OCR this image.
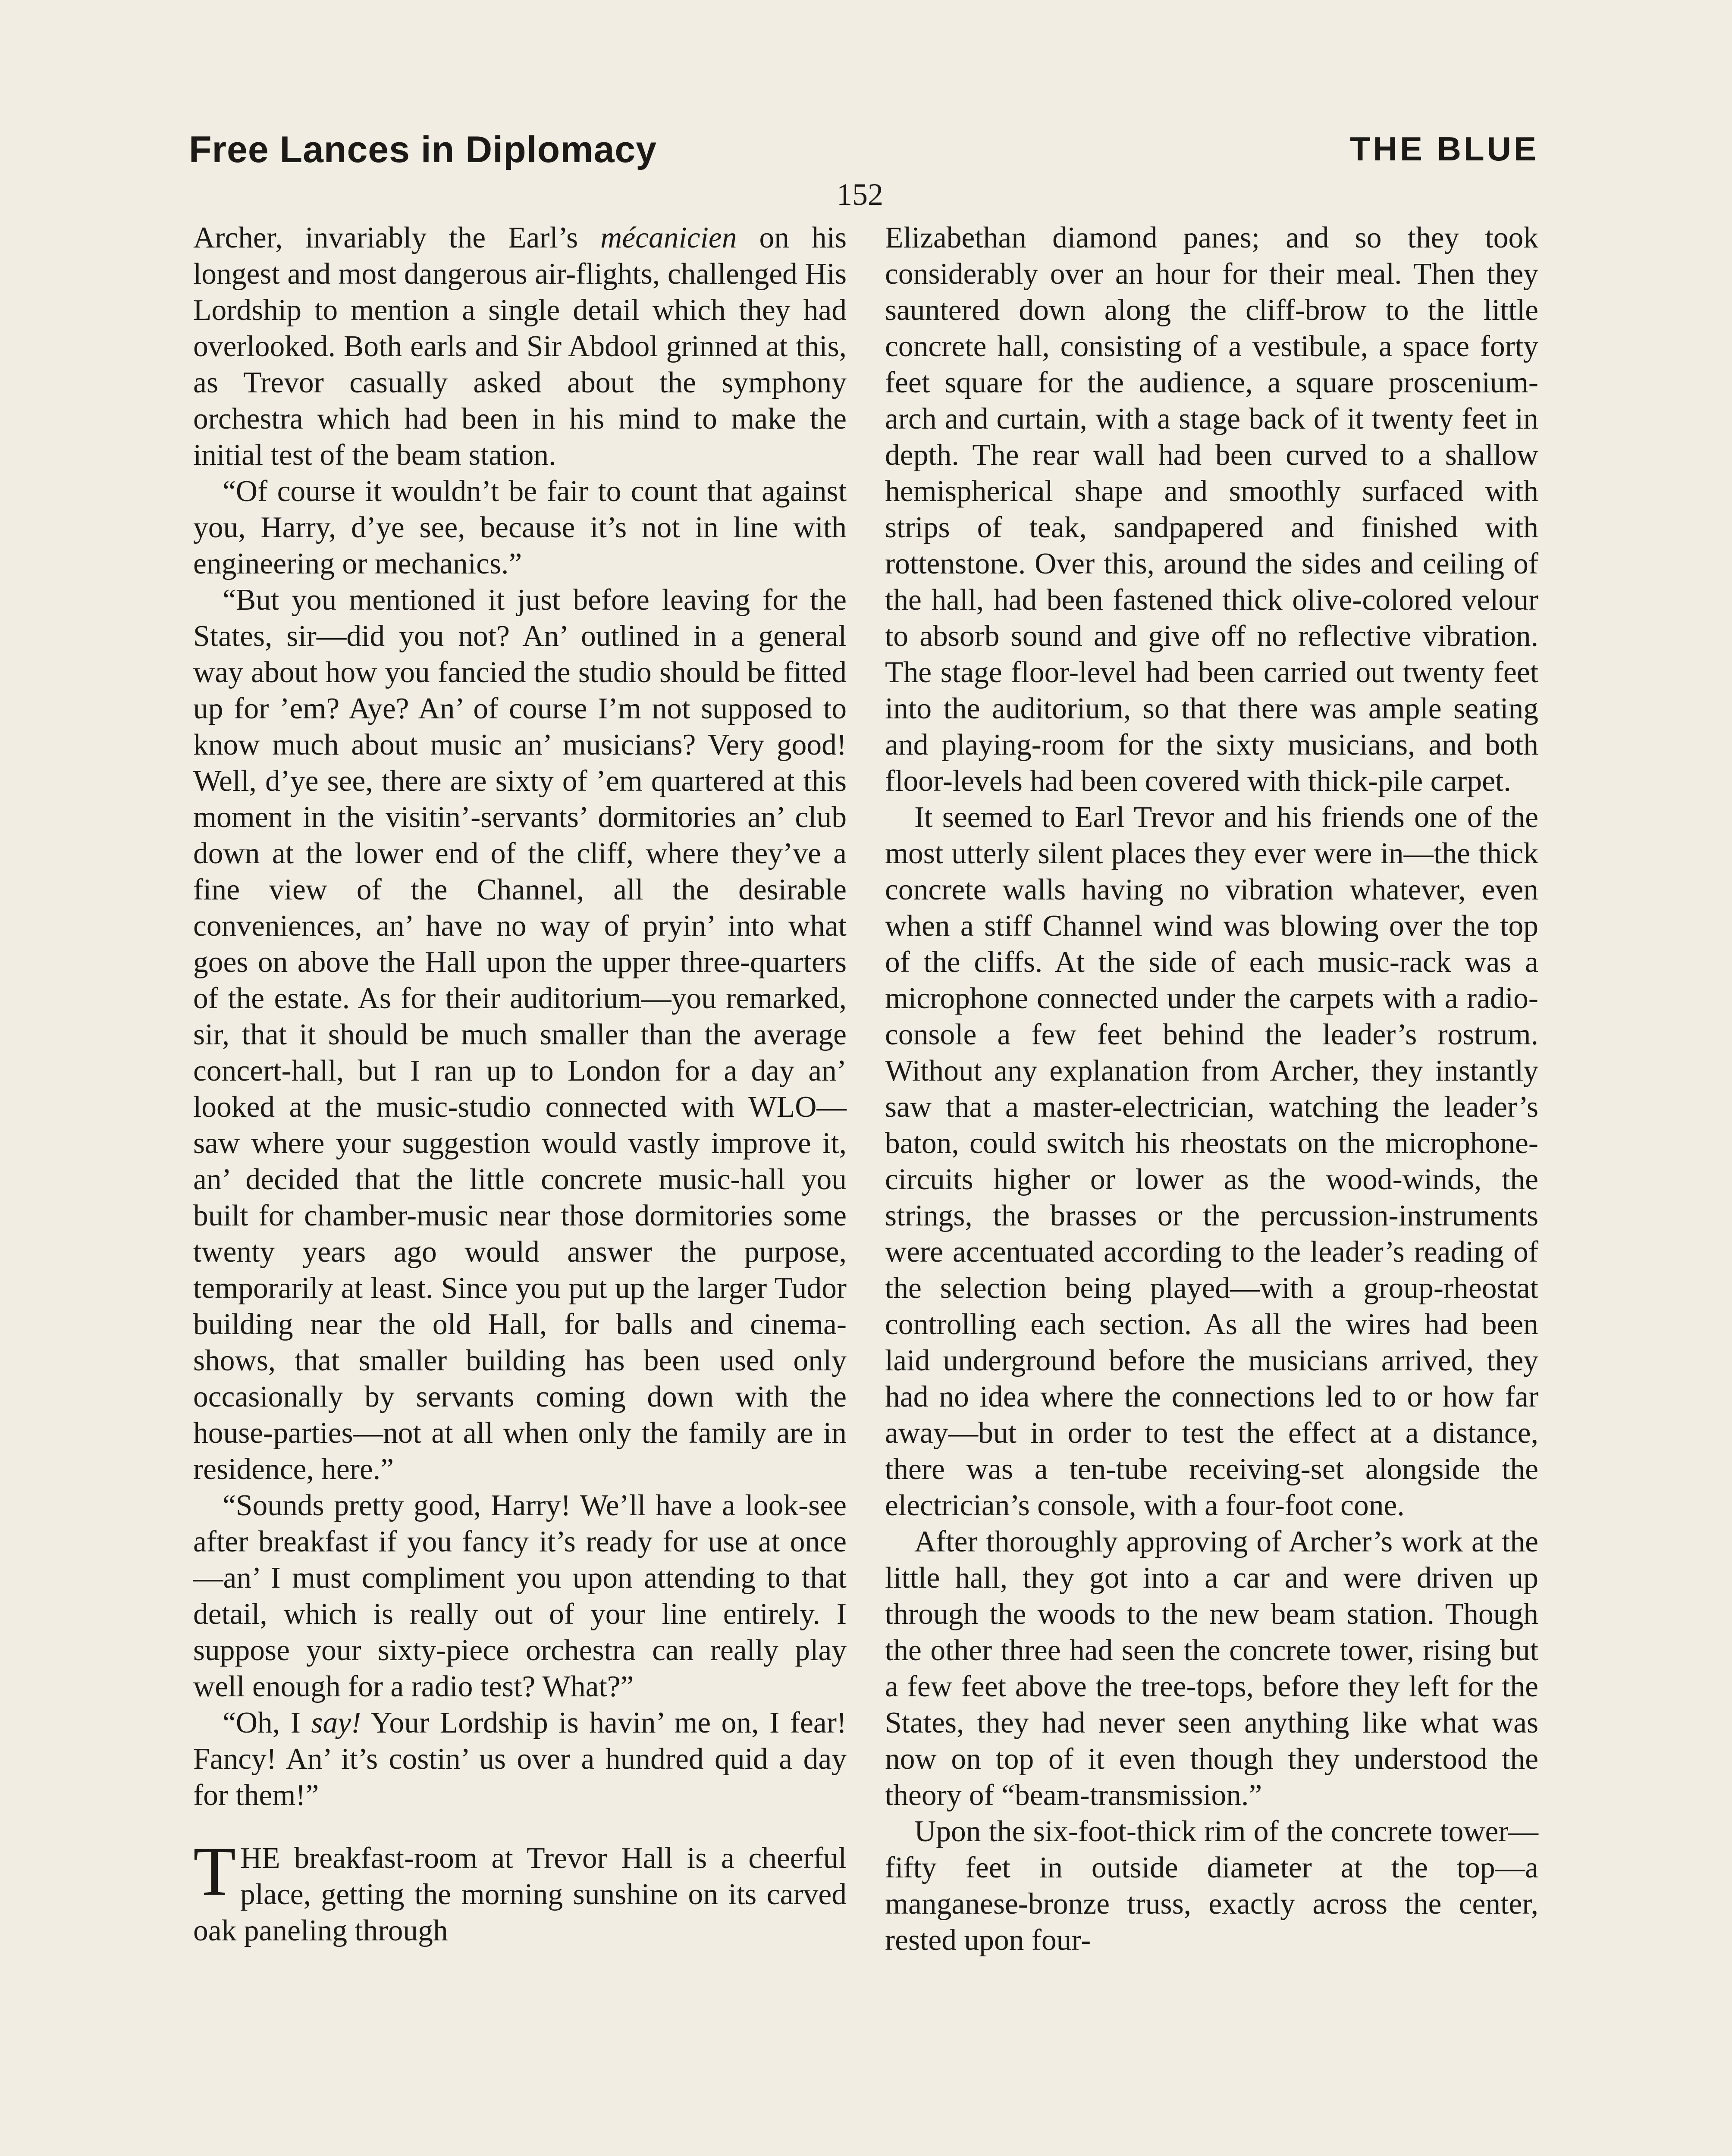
Free Lances in Diplomacy	THE BLUE
152

Archer, invariably the Earl’s mécanicien on his longest and most dangerous air-flights, challenged His Lordship to mention a single detail which they had overlooked. Both earls and Sir Abdool grinned at this, as Trevor casually asked about the symphony orchestra which had been in his mind to make the initial test of the beam station.

“Of course it wouldn’t be fair to count that against you, Harry, d’ye see, because it’s not in line with engineering or mechanics.”

“But you mentioned it just before leaving for the States, sir—did you not? An’ outlined in a general way about how you fancied the studio should be fitted up for ’em? Aye? An’ of course I’m not supposed to know much about music an’ musicians? Very good! Well, d’ye see, there are sixty of ’em quartered at this moment in the visitin’-servants’ dormitories an’ club down at the lower end of the cliff, where they’ve a fine view of the Channel, all the desirable conveniences, an’ have no way of pryin’ into what goes on above the Hall upon the upper three-quarters of the estate. As for their auditorium—you remarked, sir, that it should be much smaller than the average concert-hall, but I ran up to London for a day an’ looked at the music-studio connected with WLO—saw where your suggestion would vastly improve it, an’ decided that the little concrete music-hall you built for chamber-music near those dormitories some twenty years ago would answer the purpose, temporarily at least. Since you put up the larger Tudor building near the old Hall, for balls and cinema-shows, that smaller building has been used only occasionally by servants coming down with the house-parties—not at all when only the family are in residence, here.”

“Sounds pretty good, Harry! We’ll have a look-see after breakfast if you fancy it’s ready for use at once—an’ I must compliment you upon attending to that detail, which is really out of your line entirely. I suppose your sixty-piece orchestra can really play well enough for a radio test? What?”

“Oh, I say! Your Lordship is havin’ me on, I fear! Fancy! An’ it’s costin’ us over a hundred quid a day for them!”

THE breakfast-room at Trevor Hall is a cheerful place, getting the morning sunshine on its carved oak paneling through

Elizabethan diamond panes; and so they took considerably over an hour for their meal. Then they sauntered down along the cliff-brow to the little concrete hall, consisting of a vestibule, a space forty feet square for the audience, a square proscenium-arch and curtain, with a stage back of it twenty feet in depth. The rear wall had been curved to a shallow hemispherical shape and smoothly surfaced with strips of teak, sandpapered and finished with rottenstone. Over this, around the sides and ceiling of the hall, had been fastened thick olive-colored velour to absorb sound and give off no reflective vibration. The stage floor-level had been carried out twenty feet into the auditorium, so that there was ample seating and playing-room for the sixty musicians, and both floor-levels had been covered with thick-pile carpet.

It seemed to Earl Trevor and his friends one of the most utterly silent places they ever were in—the thick concrete walls having no vibration whatever, even when a stiff Channel wind was blowing over the top of the cliffs. At the side of each music-rack was a microphone connected under the carpets with a radio-console a few feet behind the leader’s rostrum. Without any explanation from Archer, they instantly saw that a master-electrician, watching the leader’s baton, could switch his rheostats on the microphone-circuits higher or lower as the wood-winds, the strings, the brasses or the percussion-instruments were accentuated according to the leader’s reading of the selection being played—with a group-rheostat controlling each section. As all the wires had been laid underground before the musicians arrived, they had no idea where the connections led to or how far away—but in order to test the effect at a distance, there was a ten-tube receiving-set alongside the electrician’s console, with a four-foot cone.

After thoroughly approving of Archer’s work at the little hall, they got into a car and were driven up through the woods to the new beam station. Though the other three had seen the concrete tower, rising but a few feet above the tree-tops, before they left for the States, they had never seen anything like what was now on top of it even though they understood the theory of “beam-transmission.”

Upon the six-foot-thick rim of the concrete tower—fifty feet in outside diameter at the top—a manganese-bronze truss, exactly across the center, rested upon four-
